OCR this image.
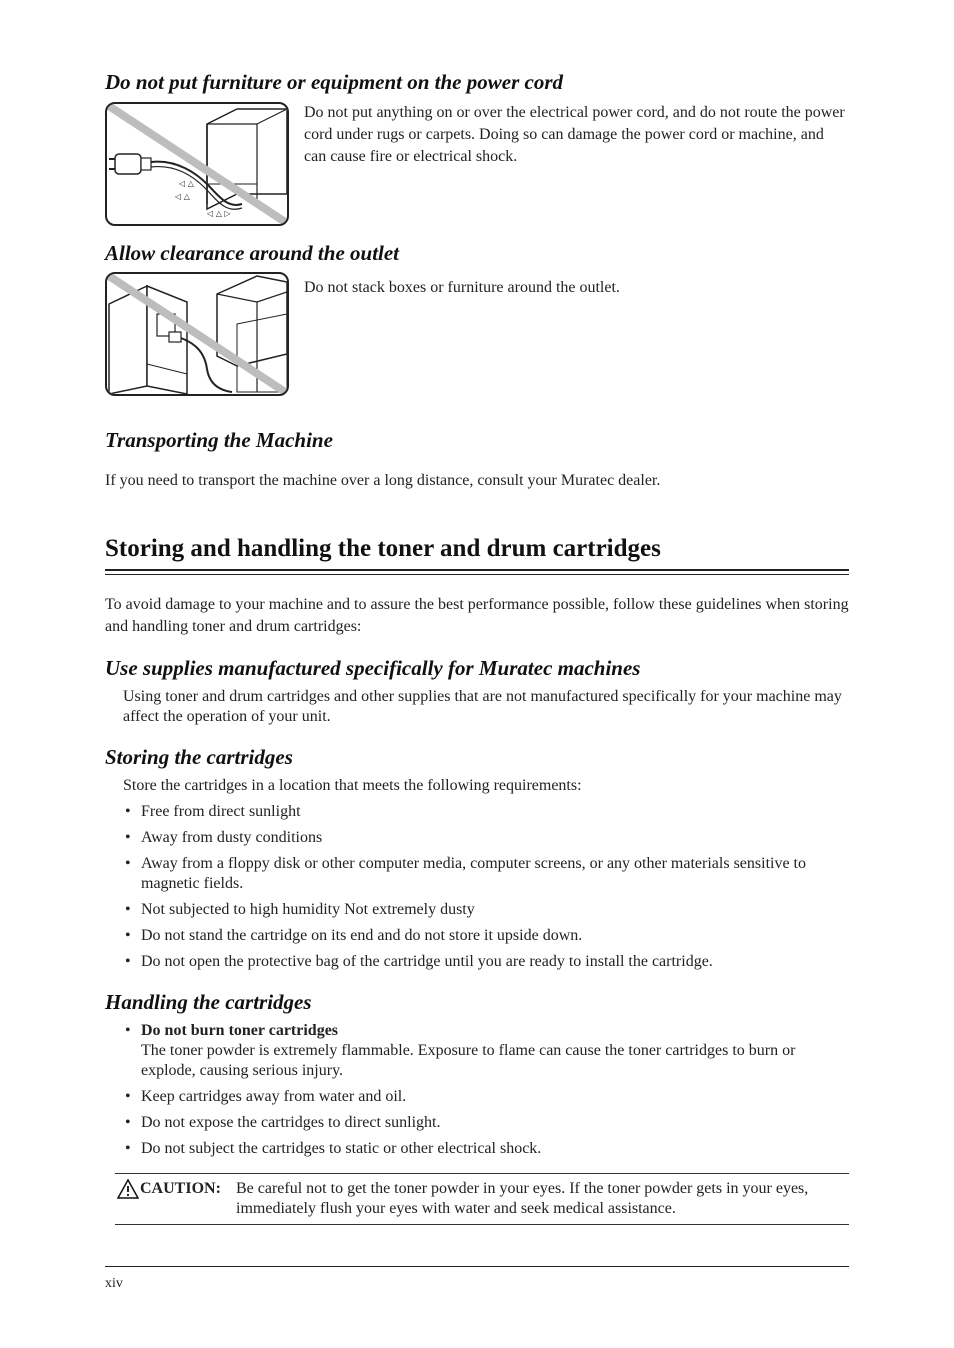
Do not put furniture or equipment on the power cord
◁ △
◁ △
◁ △ ▷
Do not put anything on or over the electrical power cord, and do not route the power cord under rugs or carpets. Doing so can damage the power cord or machine, and can cause fire or electrical shock.
Allow clearance around the outlet
Do not stack boxes or furniture around the outlet.
Transporting the Machine
If you need to transport the machine over a long distance, consult your Muratec dealer.
Storing and handling the toner and drum cartridges
To avoid damage to your machine and to assure the best performance possible, follow these guidelines when storing and handling toner and drum cartridges:
Use supplies manufactured specifically for Muratec machines
Using toner and drum cartridges and other supplies that are not manufactured specifically for your machine may affect the operation of your unit.
Storing the cartridges
Store the cartridges in a location that meets the following requirements:
• Free from direct sunlight
• Away from dusty conditions
• Away from a floppy disk or other computer media, computer screens, or any other materials sensitive to magnetic fields.
• Not subjected to high humidity Not extremely dusty
• Do not stand the cartridge on its end and do not store it upside down.
• Do not open the protective bag of the cartridge until you are ready to install the cartridge.
Handling the cartridges
• Do not burn toner cartridges
The toner powder is extremely flammable. Exposure to flame can cause the toner cartridges to burn or explode, causing serious injury.
• Keep cartridges away from water and oil.
• Do not expose the cartridges to direct sunlight.
• Do not subject the cartridges to static or other electrical shock.
CAUTION: Be careful not to get the toner powder in your eyes. If the toner powder gets in your eyes, immediately flush your eyes with water and seek medical assistance.
xiv
